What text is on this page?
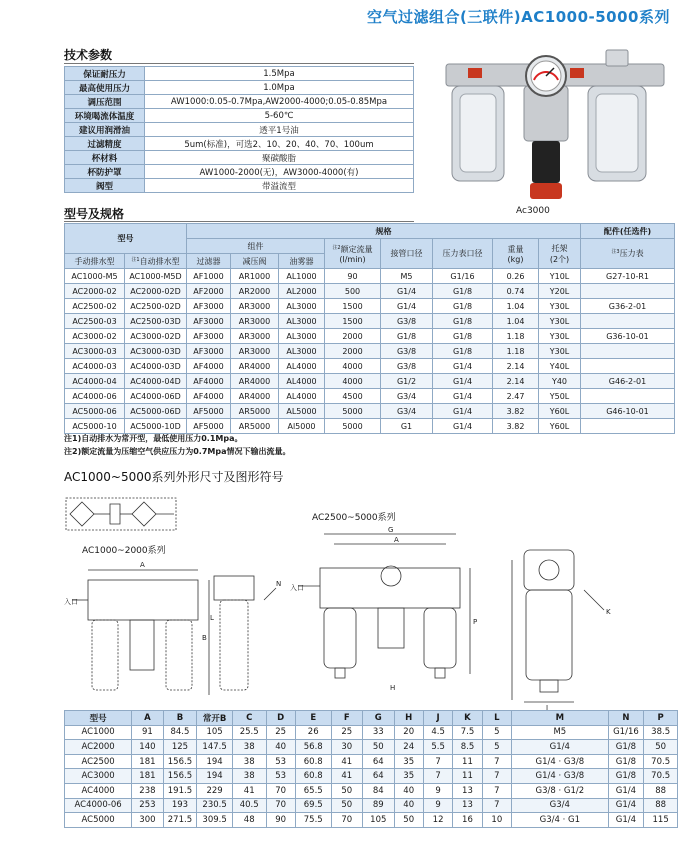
空气过滤组合(三联件)AC1000-5000系列
技术参数
保证耐压力	1.5Mpa
最高使用压力	1.0Mpa
调压范围	AW1000:0.05-0.7Mpa,AW2000-4000;0.05-0.85Mpa
环境喝流体温度	5-60℃
建议用润滑油	透平1号油
过滤精度	5um(标准)，可选2、10、20、40、70、100um
杯材料	聚碳酸脂
杯防护罩	AW1000-2000(无)，AW3000-4000(有)
阀型	带溢流型
Ac3000
型号及规格
型号		规格								配件(任选件)
		组件			$^{注2}$额定流量
(l/min)	接管口径	压力表口径	重量
(kg)	托架
(2个)	$^{注3}$压力表
手动排水型	$^{注1}$自动排水型	过滤器	减压阀	油雾器						
AC1000-M5	AC1000-M5D	AF1000	AR1000	AL1000	90	M5	G1/16	0.26	Y10L	G27-10-R1
AC2000-02	AC2000-02D	AF2000	AR2000	AL2000	500	G1/4	G1/8	0.74	Y20L	
AC2500-02	AC2500-02D	AF3000	AR3000	AL3000	1500	G1/4	G1/8	1.04	Y30L	G36-2-01
AC2500-03	AC2500-03D	AF3000	AR3000	AL3000	1500	G3/8	G1/8	1.04	Y30L	
AC3000-02	AC3000-02D	AF3000	AR3000	AL3000	2000	G1/8	G1/8	1.18	Y30L	G36-10-01
AC3000-03	AC3000-03D	AF3000	AR3000	AL3000	2000	G3/8	G1/8	1.18	Y30L	
AC4000-03	AC4000-03D	AF4000	AR4000	AL4000	4000	G3/8	G1/4	2.14	Y40L	
AC4000-04	AC4000-04D	AF4000	AR4000	AL4000	4000	G1/2	G1/4	2.14	Y40	G46-2-01
AC4000-06	AC4000-06D	AF4000	AR4000	AL4000	4500	G3/4	G1/4	2.47	Y50L	
AC5000-06	AC5000-06D	AF5000	AR5000	AL5000	5000	G3/4	G1/4	3.82	Y60L	G46-10-01
AC5000-10	AC5000-10D	AF5000	AR5000	Al5000	5000	G1	G1/4	3.82	Y60L	
注1)自动排水为常开型，最低使用压力0.1Mpa。
注2)额定流量为压缩空气供应压力为0.7Mpa情况下输出流量。
AC1000~5000系列外形尺寸及图形符号
AC1000~2000系列
A
入口
B
L
N
AC2500~5000系列
G
A
入口
P
H
K
J
型号	A	B	常开B	C	D	E	F	G	H	J	K	L	M	N	P
AC1000	91	84.5	105	25.5	25	26	25	33	20	4.5	7.5	5	M5	G1/16	38.5
AC2000	140	125	147.5	38	40	56.8	30	50	24	5.5	8.5	5	G1/4	G1/8	50
AC2500	181	156.5	194	38	53	60.8	41	64	35	7	11	7	G1/4 · G3/8	G1/8	70.5
AC3000	181	156.5	194	38	53	60.8	41	64	35	7	11	7	G1/4 · G3/8	G1/8	70.5
AC4000	238	191.5	229	41	70	65.5	50	84	40	9	13	7	G3/8 · G1/2	G1/4	88
AC4000-06	253	193	230.5	40.5	70	69.5	50	89	40	9	13	7	G3/4	G1/4	88
AC5000	300	271.5	309.5	48	90	75.5	70	105	50	12	16	10	G3/4 · G1	G1/4	115
